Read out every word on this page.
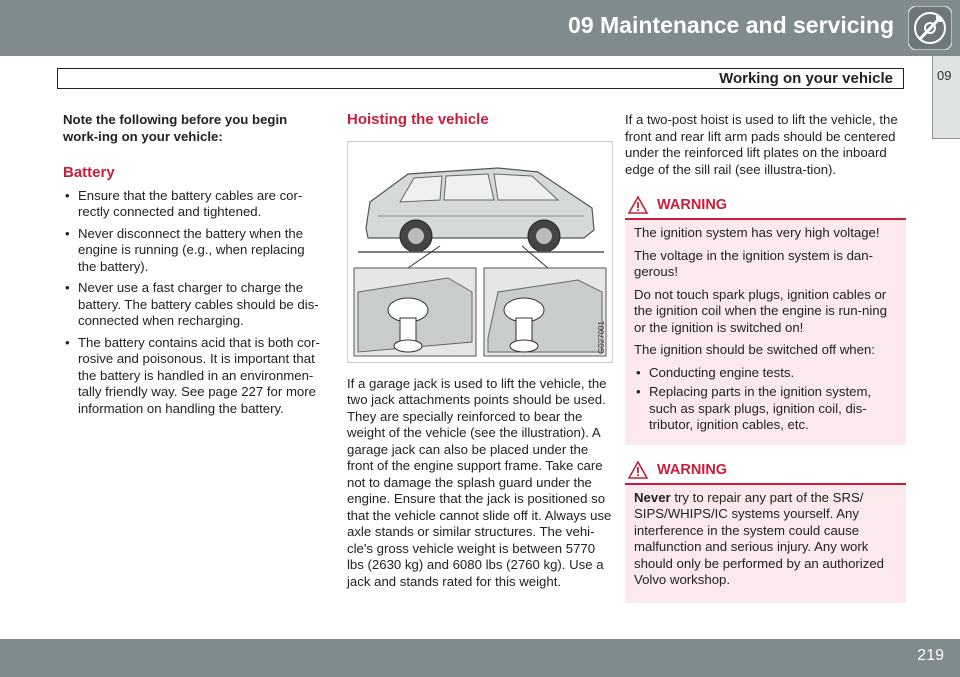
09 Maintenance and servicing
Working on your vehicle	09

Note the following before you begin work-ing on your vehicle:

Battery
• Ensure that the battery cables are cor-rectly connected and tightened.
• Never disconnect the battery when the engine is running (e.g., when replacing the battery).
• Never use a fast charger to charge the battery. The battery cables should be dis-connected when recharging.
• The battery contains acid that is both cor-rosive and poisonous. It is important that the battery is handled in an environmen-tally friendly way. See page 227 for more information on handling the battery.
Hoisting the vehicle
G027001

If a garage jack is used to lift the vehicle, the two jack attachments points should be used. They are specially reinforced to bear the weight of the vehicle (see the illustration). A garage jack can also be placed under the front of the engine support frame. Take care not to damage the splash guard under the engine. Ensure that the jack is positioned so that the vehicle cannot slide off it. Always use axle stands or similar structures. The vehi-cle's gross vehicle weight is between 5770 lbs (2630 kg) and 6080 lbs (2760 kg). Use a jack and stands rated for this weight.

If a two-post hoist is used to lift the vehicle, the front and rear lift arm pads should be centered under the reinforced lift plates on the inboard edge of the sill rail (see illustra-tion).

WARNING

The ignition system has very high voltage!

The voltage in the ignition system is dan-gerous!

Do not touch spark plugs, ignition cables or the ignition coil when the engine is run-ning or the ignition is switched on!

The ignition should be switched off when:

• Conducting engine tests.
• Replacing parts in the ignition system, such as spark plugs, ignition coil, dis-tributor, ignition cables, etc.
WARNING

Never try to repair any part of the SRS/ SIPS/WHIPS/IC systems yourself. Any interference in the system could cause malfunction and serious injury. Any work should only be performed by an authorized Volvo workshop.

219
